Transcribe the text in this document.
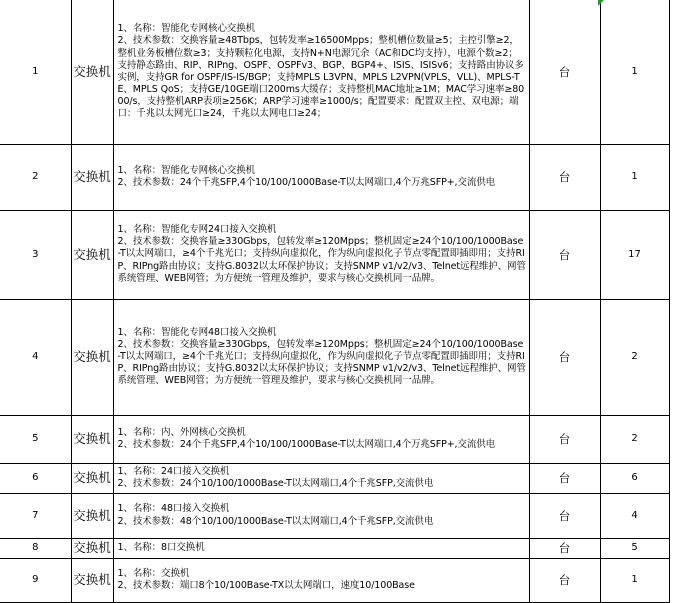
1	交换机	1、名称：智能化专网核心交换机
2、技术参数：交换容量≥48Tbps，包转发率≥16500Mpps；整机槽位数量≥5；主控引擎≥2，整机业务板槽位数≥3；支持颗粒化电源，支持N+N电源冗余（AC和DC均支持），电源个数≥2；支持静态路由、RIP、RIPng、OSPF、OSPFv3、BGP、BGP4+、ISIS、ISISv6；支持路由协议多实例，支持GR for OSPF/IS-IS/BGP；支持MPLS L3VPN、MPLS L2VPN(VPLS，VLL)、MPLS-TE、MPLS QoS；支持GE/10GE端口200ms大缓存；支持整机MAC地址≥1M；MAC学习速率≥8000/s，支持整机ARP表项≥256K；ARP学习速率≥1000/s；配置要求：配置双主控、双电源；端口：千兆以太网光口≥24，千兆以太网电口≥24；		台	1	
2	交换机	1、名称：智能化专网核心交换机
2、技术参数：24个千兆SFP,4个10/100/1000Base-T以太网端口,4个万兆SFP+,交流供电		台	1	
3	交换机	1、名称：智能化专网24口接入交换机
2、技术参数：交换容量≥330Gbps，包转发率≥120Mpps；整机固定≥24个10/100/1000Base-T以太网端口，≥4个千兆光口；支持纵向虚拟化，作为纵向虚拟化子节点零配置即插即用；支持RIP、RIPng路由协议；支持G.8032以太环保护协议；支持SNMP v1/v2/v3、Telnet远程维护、网管系统管理、WEB网管；为方便统一管理及维护，要求与核心交换机同一品牌。		台	17	
4	交换机	1、名称：智能化专网48口接入交换机
2、技术参数：交换容量≥330Gbps，包转发率≥120Mpps；整机固定≥24个10/100/1000Base-T以太网端口，≥4个千兆光口；支持纵向虚拟化，作为纵向虚拟化子节点零配置即插即用；支持RIP、RIPng路由协议；支持G.8032以太环保护协议；支持SNMP v1/v2/v3、Telnet远程维护、网管系统管理、WEB网管；为方便统一管理及维护，要求与核心交换机同一品牌。		台	2	
5	交换机	1、名称：内、外网核心交换机
2、技术参数：24个千兆SFP,4个10/100/1000Base-T以太网端口,4个万兆SFP+,交流供电		台	2	
6	交换机	1、名称：24口接入交换机
2、技术参数：24个10/100/1000Base-T以太网端口,4个千兆SFP,交流供电		台	6	
7	交换机	1、名称：48口接入交换机
2、技术参数：48个10/100/1000Base-T以太网端口,4个千兆SFP,交流供电		台	4	
8	交换机	1、名称：8口交换机		台	5	
9	交换机	1、名称：交换机
2、技术参数：端口8个10/100Base-TX以太网端口，速度10/100Base		台	1	
